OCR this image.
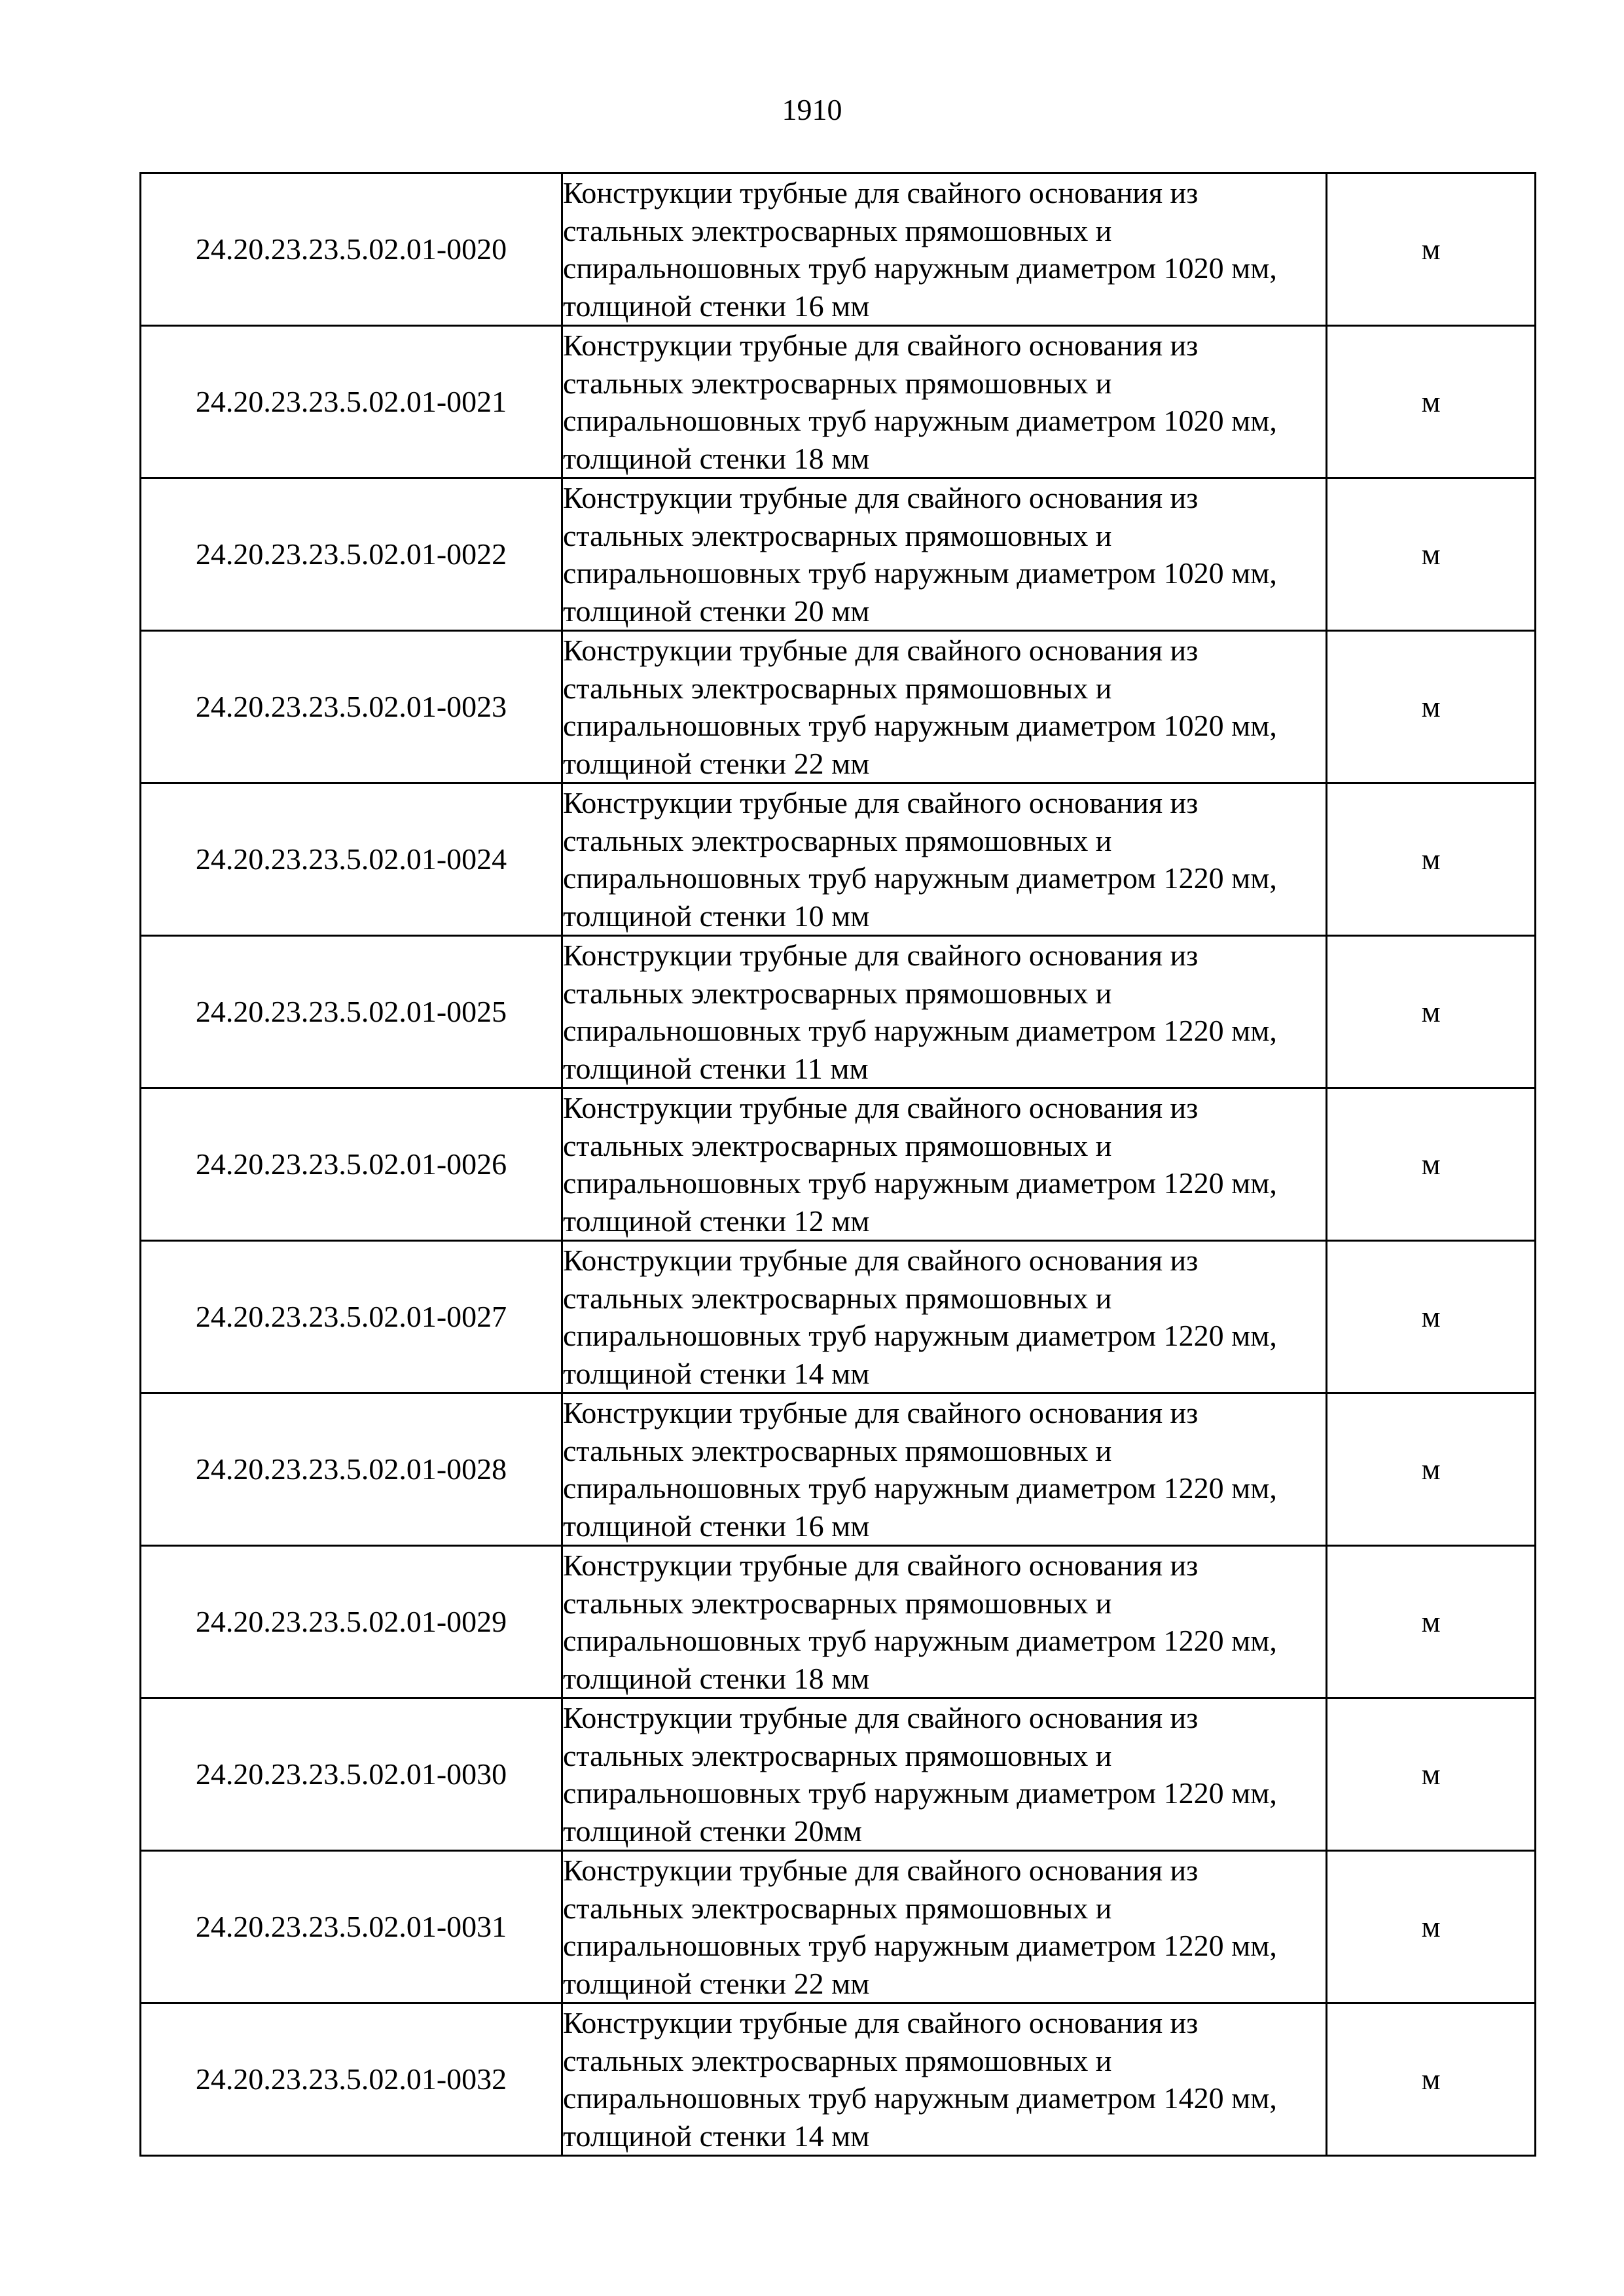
1910
24.20.23.23.5.02.01-0020	Конструкции трубные для свайного основания из стальных электросварных прямошовных и спиральношовных труб наружным диаметром 1020 мм, толщиной стенки 16 мм	м
24.20.23.23.5.02.01-0021	Конструкции трубные для свайного основания из стальных электросварных прямошовных и спиральношовных труб наружным диаметром 1020 мм, толщиной стенки 18 мм	м
24.20.23.23.5.02.01-0022	Конструкции трубные для свайного основания из стальных электросварных прямошовных и спиральношовных труб наружным диаметром 1020 мм, толщиной стенки 20 мм	м
24.20.23.23.5.02.01-0023	Конструкции трубные для свайного основания из стальных электросварных прямошовных и спиральношовных труб наружным диаметром 1020 мм, толщиной стенки 22 мм	м
24.20.23.23.5.02.01-0024	Конструкции трубные для свайного основания из стальных электросварных прямошовных и спиральношовных труб наружным диаметром 1220 мм, толщиной стенки 10 мм	м
24.20.23.23.5.02.01-0025	Конструкции трубные для свайного основания из стальных электросварных прямошовных и спиральношовных труб наружным диаметром 1220 мм, толщиной стенки 11 мм	м
24.20.23.23.5.02.01-0026	Конструкции трубные для свайного основания из стальных электросварных прямошовных и спиральношовных труб наружным диаметром 1220 мм, толщиной стенки 12 мм	м
24.20.23.23.5.02.01-0027	Конструкции трубные для свайного основания из стальных электросварных прямошовных и спиральношовных труб наружным диаметром 1220 мм, толщиной стенки 14 мм	м
24.20.23.23.5.02.01-0028	Конструкции трубные для свайного основания из стальных электросварных прямошовных и спиральношовных труб наружным диаметром 1220 мм, толщиной стенки 16 мм	м
24.20.23.23.5.02.01-0029	Конструкции трубные для свайного основания из стальных электросварных прямошовных и спиральношовных труб наружным диаметром 1220 мм, толщиной стенки 18 мм	м
24.20.23.23.5.02.01-0030	Конструкции трубные для свайного основания из стальных электросварных прямошовных и спиральношовных труб наружным диаметром 1220 мм, толщиной стенки 20мм	м
24.20.23.23.5.02.01-0031	Конструкции трубные для свайного основания из стальных электросварных прямошовных и спиральношовных труб наружным диаметром 1220 мм, толщиной стенки 22 мм	м
24.20.23.23.5.02.01-0032	Конструкции трубные для свайного основания из стальных электросварных прямошовных и спиральношовных труб наружным диаметром 1420 мм, толщиной стенки 14 мм	м
